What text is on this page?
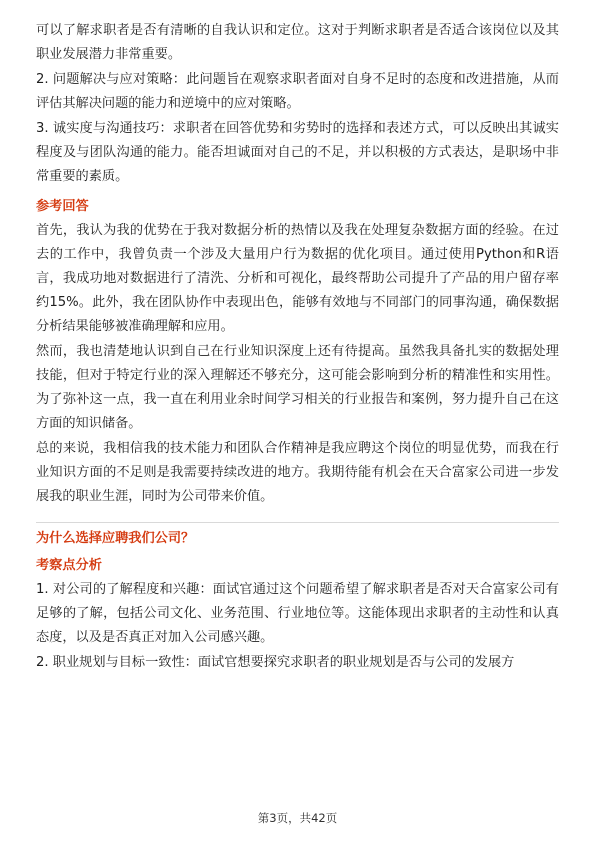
可以了解求职者是否有清晰的自我认识和定位。这对于判断求职者是否适合该岗位以及其职业发展潜力非常重要。

2. 问题解决与应对策略：此问题旨在观察求职者面对自身不足时的态度和改进措施，从而评估其解决问题的能力和逆境中的应对策略。

3. 诚实度与沟通技巧：求职者在回答优势和劣势时的选择和表述方式，可以反映出其诚实程度及与团队沟通的能力。能否坦诚面对自己的不足，并以积极的方式表达，是职场中非常重要的素质。

参考回答

首先，我认为我的优势在于我对数据分析的热情以及我在处理复杂数据方面的经验。在过去的工作中，我曾负责一个涉及大量用户行为数据的优化项目。通过使用Python和R语言，我成功地对数据进行了清洗、分析和可视化，最终帮助公司提升了产品的用户留存率约15%。此外，我在团队协作中表现出色，能够有效地与不同部门的同事沟通，确保数据分析结果能够被准确理解和应用。

然而，我也清楚地认识到自己在行业知识深度上还有待提高。虽然我具备扎实的数据处理技能，但对于特定行业的深入理解还不够充分，这可能会影响到分析的精准性和实用性。为了弥补这一点，我一直在利用业余时间学习相关的行业报告和案例，努力提升自己在这方面的知识储备。

总的来说，我相信我的技术能力和团队合作精神是我应聘这个岗位的明显优势，而我在行业知识方面的不足则是我需要持续改进的地方。我期待能有机会在天合富家公司进一步发展我的职业生涯，同时为公司带来价值。

为什么选择应聘我们公司？
考察点分析

1. 对公司的了解程度和兴趣：面试官通过这个问题希望了解求职者是否对天合富家公司有足够的了解，包括公司文化、业务范围、行业地位等。这能体现出求职者的主动性和认真态度，以及是否真正对加入公司感兴趣。

2. 职业规划与目标一致性：面试官想要探究求职者的职业规划是否与公司的发展方

第3页，共42页
